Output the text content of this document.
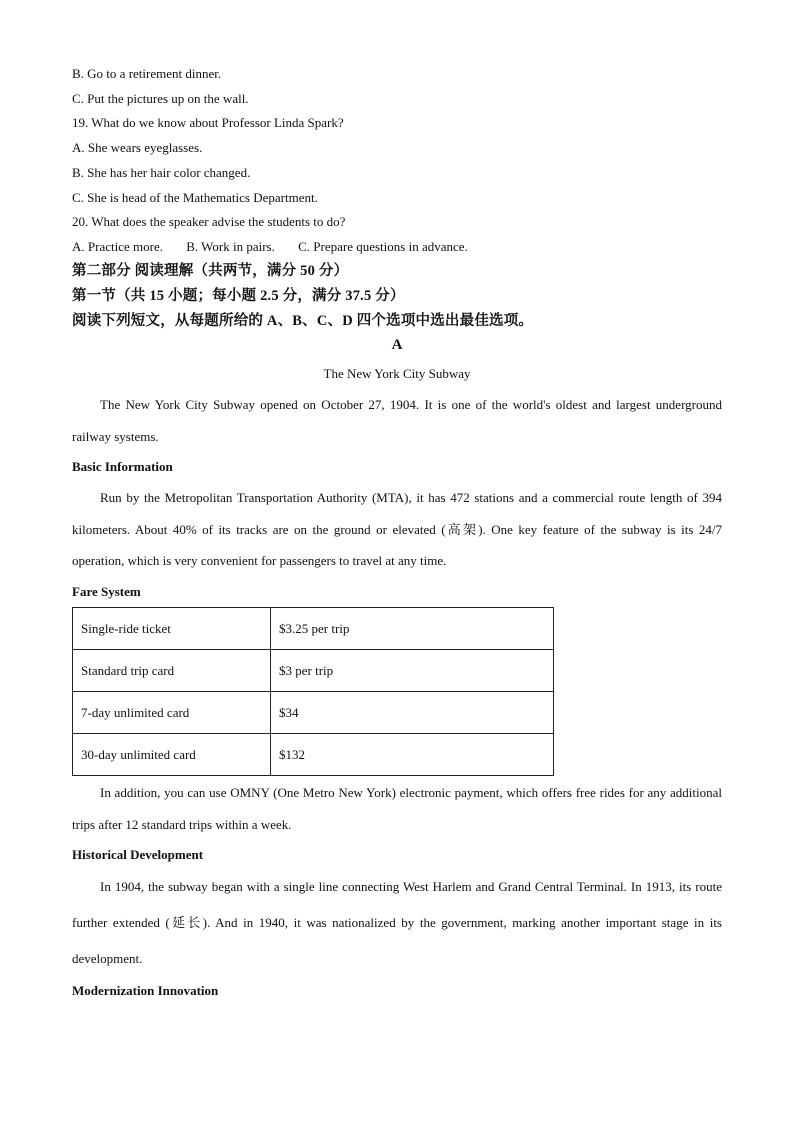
B. Go to a retirement dinner.
C. Put the pictures up on the wall.
19. What do we know about Professor Linda Spark?
A. She wears eyeglasses.
B. She has her hair color changed.
C. She is head of the Mathematics Department.
20. What does the speaker advise the students to do?
A. Practice more. B. Work in pairs. C. Prepare questions in advance.
第二部分 阅读理解（共两节，满分 50 分）
第一节（共 15 小题；每小题 2.5 分，满分 37.5 分）
阅读下列短文，从每题所给的 A、B、C、D 四个选项中选出最佳选项。
A
The New York City Subway
The New York City Subway opened on October 27, 1904. It is one of the world's oldest and largest underground railway systems.
Basic Information
Run by the Metropolitan Transportation Authority (MTA), it has 472 stations and a commercial route length of 394 kilometers. About 40% of its tracks are on the ground or elevated (高架). One key feature of the subway is its 24/7 operation, which is very convenient for passengers to travel at any time.
Fare System
Single-ride ticket	$3.25 per trip
Standard trip card	$3 per trip
7-day unlimited card	$34
30-day unlimited card	$132
In addition, you can use OMNY (One Metro New York) electronic payment, which offers free rides for any additional trips after 12 standard trips within a week.
Historical Development
In 1904, the subway began with a single line connecting West Harlem and Grand Central Terminal. In 1913, its route further extended (延长). And in 1940, it was nationalized by the government, marking another important stage in its development.
Modernization Innovation
